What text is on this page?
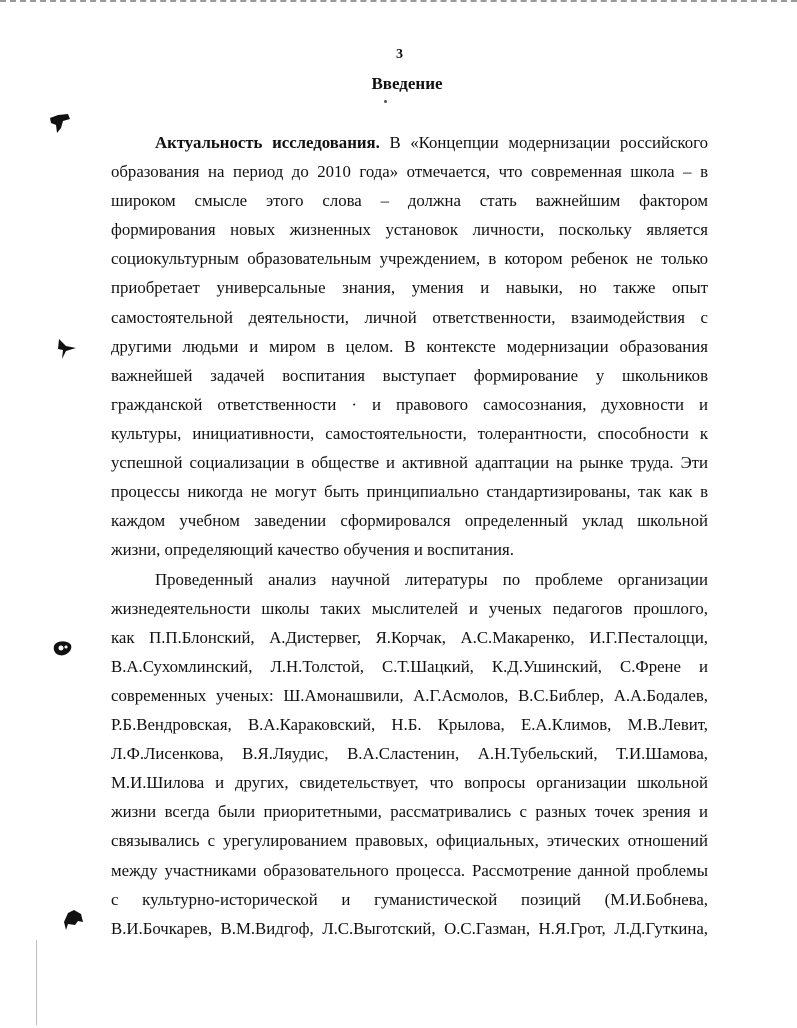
3
Введение
Актуальность исследования. В «Концепции модернизации российского
образования на период до 2010 года» отмечается, что современная школа – в
широком смысле этого слова – должна стать важнейшим фактором
формирования новых жизненных установок личности, поскольку является
социокультурным образовательным учреждением, в котором ребенок не только
приобретает универсальные знания, умения и навыки, но также опыт
самостоятельной деятельности, личной ответственности, взаимодействия с
другими людьми и миром в целом. В контексте модернизации образования
важнейшей задачей воспитания выступает формирование у школьников
гражданской ответственности · и правового самосознания, духовности и
культуры, инициативности, самостоятельности, толерантности, способности к
успешной социализации в обществе и активной адаптации на рынке труда. Эти
процессы никогда не могут быть принципиально стандартизированы, так как в
каждом учебном заведении сформировался определенный уклад школьной
жизни, определяющий качество обучения и воспитания.
Проведенный анализ научной литературы по проблеме организации
жизнедеятельности школы таких мыслителей и ученых педагогов прошлого,
как П.П.Блонский, А.Дистервег, Я.Корчак, А.С.Макаренко, И.Г.Песталоцци,
В.А.Сухомлинский, Л.Н.Толстой, С.Т.Шацкий, К.Д.Ушинский, С.Френе и
современных ученых: Ш.Амонашвили, А.Г.Асмолов, В.С.Библер, А.А.Бодалев,
Р.Б.Вендровская, В.А.Караковский, Н.Б. Крылова, Е.А.Климов, М.В.Левит,
Л.Ф.Лисенкова, В.Я.Ляудис, В.А.Сластенин, А.Н.Тубельский, Т.И.Шамова,
М.И.Шилова и других, свидетельствует, что вопросы организации школьной
жизни всегда были приоритетными, рассматривались с разных точек зрения и
связывались с урегулированием правовых, официальных, этических отношений
между участниками образовательного процесса. Рассмотрение данной проблемы
с культурно-исторической и гуманистической позиций (М.И.Бобнева,
В.И.Бочкарев, В.М.Видгоф, Л.С.Выготский, О.С.Газман, Н.Я.Грот, Л.Д.Гуткина,
